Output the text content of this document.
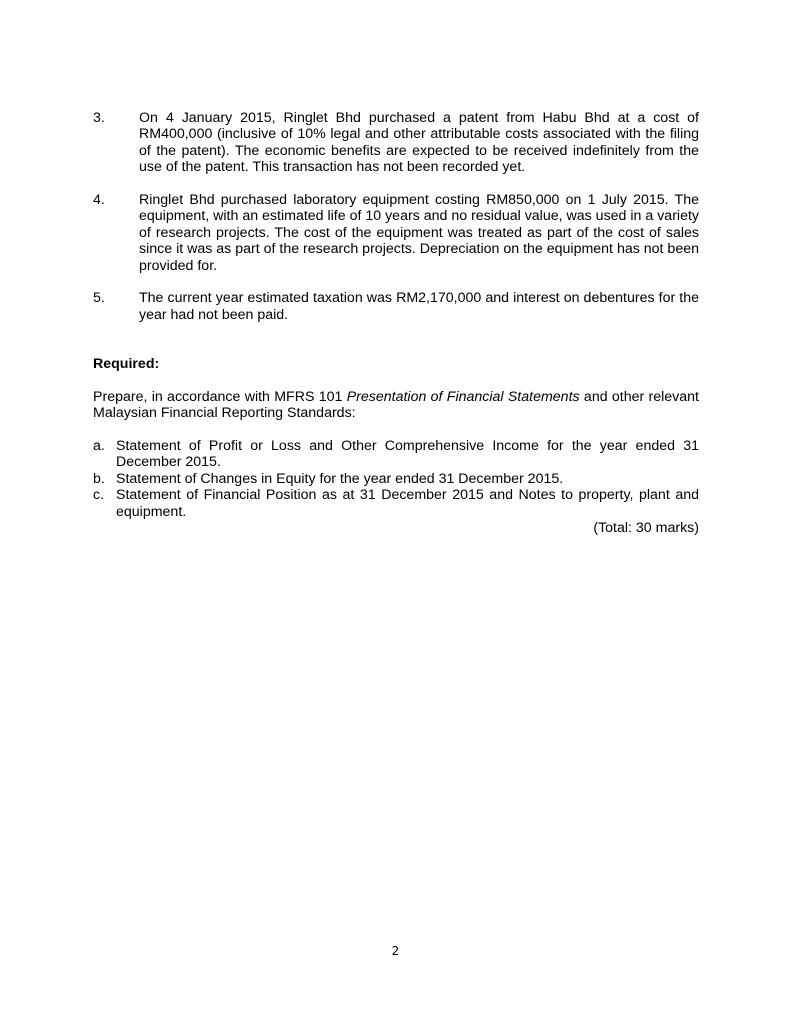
3.	On 4 January 2015, Ringlet Bhd purchased a patent from Habu Bhd at a cost of RM400,000 (inclusive of 10% legal and other attributable costs associated with the filing of the patent). The economic benefits are expected to be received indefinitely from the use of the patent. This transaction has not been recorded yet.
4.	Ringlet Bhd purchased laboratory equipment costing RM850,000 on 1 July 2015. The equipment, with an estimated life of 10 years and no residual value, was used in a variety of research projects. The cost of the equipment was treated as part of the cost of sales since it was as part of the research projects. Depreciation on the equipment has not been provided for.
5.	The current year estimated taxation was RM2,170,000 and interest on debentures for the year had not been paid.
Required:
Prepare, in accordance with MFRS 101 Presentation of Financial Statements and other relevant Malaysian Financial Reporting Standards:
a. Statement of Profit or Loss and Other Comprehensive Income for the year ended 31 December 2015.
b. Statement of Changes in Equity for the year ended 31 December 2015.
c. Statement of Financial Position as at 31 December 2015 and Notes to property, plant and equipment.
(Total: 30 marks)
2
